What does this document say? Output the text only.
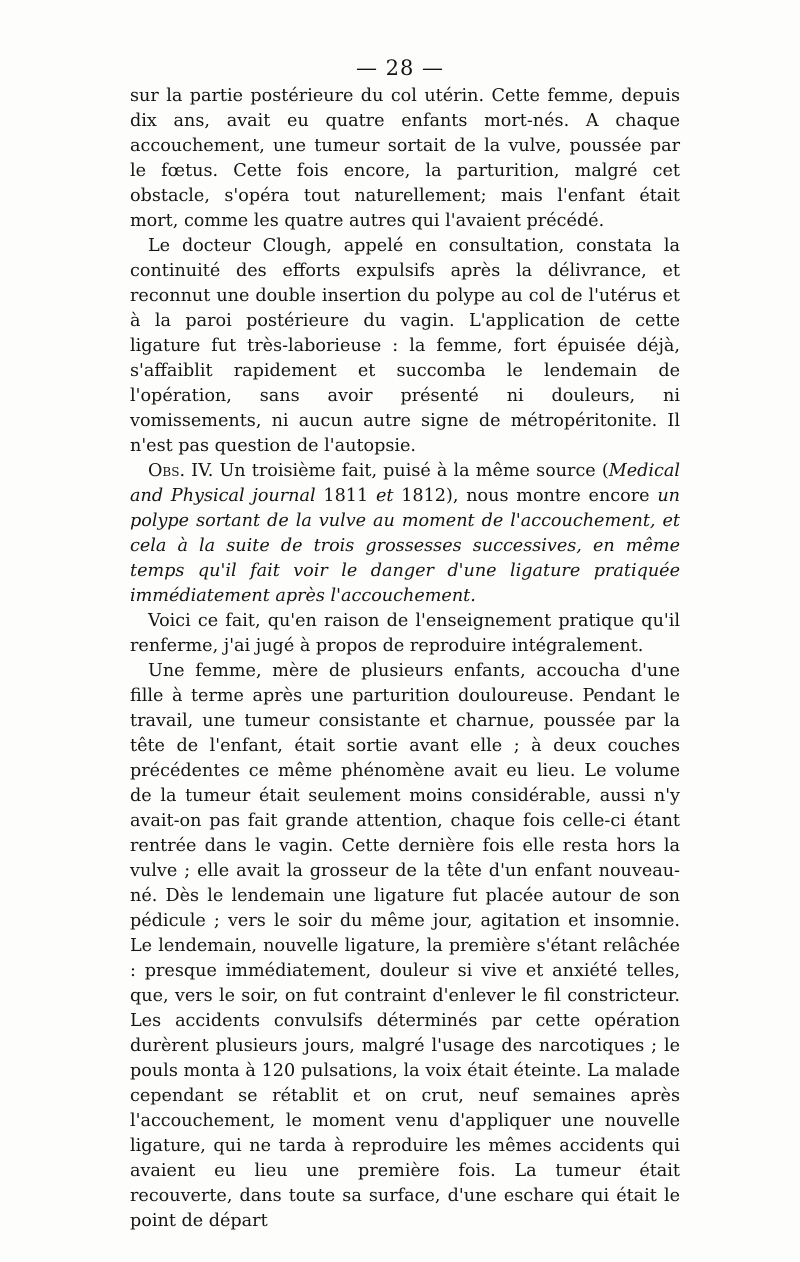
— 28 —

sur la partie postérieure du col utérin. Cette femme, depuis dix ans, avait eu quatre enfants mort-nés. A chaque accouchement, une tumeur sortait de la vulve, poussée par le fœtus. Cette fois encore, la parturition, malgré cet obstacle, s'opéra tout naturellement; mais l'enfant était mort, comme les quatre autres qui l'avaient précédé.

Le docteur Clough, appelé en consultation, constata la continuité des efforts expulsifs après la délivrance, et reconnut une double insertion du polype au col de l'utérus et à la paroi postérieure du vagin. L'application de cette ligature fut très-laborieuse : la femme, fort épuisée déjà, s'affaiblit rapidement et succomba le lendemain de l'opération, sans avoir présenté ni douleurs, ni vomissements, ni aucun autre signe de métropéritonite. Il n'est pas question de l'autopsie.

Obs. IV. Un troisième fait, puisé à la même source (Medical and Physical journal 1811 et 1812), nous montre encore un polype sortant de la vulve au moment de l'accouchement, et cela à la suite de trois grossesses successives, en même temps qu'il fait voir le danger d'une ligature pratiquée immédiatement après l'accouchement.

Voici ce fait, qu'en raison de l'enseignement pratique qu'il renferme, j'ai jugé à propos de reproduire intégralement.

Une femme, mère de plusieurs enfants, accoucha d'une fille à terme après une parturition douloureuse. Pendant le travail, une tumeur consistante et charnue, poussée par la tête de l'enfant, était sortie avant elle ; à deux couches précédentes ce même phénomène avait eu lieu. Le volume de la tumeur était seulement moins considérable, aussi n'y avait-on pas fait grande attention, chaque fois celle-ci étant rentrée dans le vagin. Cette dernière fois elle resta hors la vulve ; elle avait la grosseur de la tête d'un enfant nouveau-né. Dès le lendemain une ligature fut placée autour de son pédicule ; vers le soir du même jour, agitation et insomnie. Le lendemain, nouvelle ligature, la première s'étant relâchée : presque immédiatement, douleur si vive et anxiété telles, que, vers le soir, on fut contraint d'enlever le fil constricteur. Les accidents convulsifs déterminés par cette opération durèrent plusieurs jours, malgré l'usage des narcotiques ; le pouls monta à 120 pulsations, la voix était éteinte. La malade cependant se rétablit et on crut, neuf semaines après l'accouchement, le moment venu d'appliquer une nouvelle ligature, qui ne tarda à reproduire les mêmes accidents qui avaient eu lieu une première fois. La tumeur était recouverte, dans toute sa surface, d'une eschare qui était le point de départ
